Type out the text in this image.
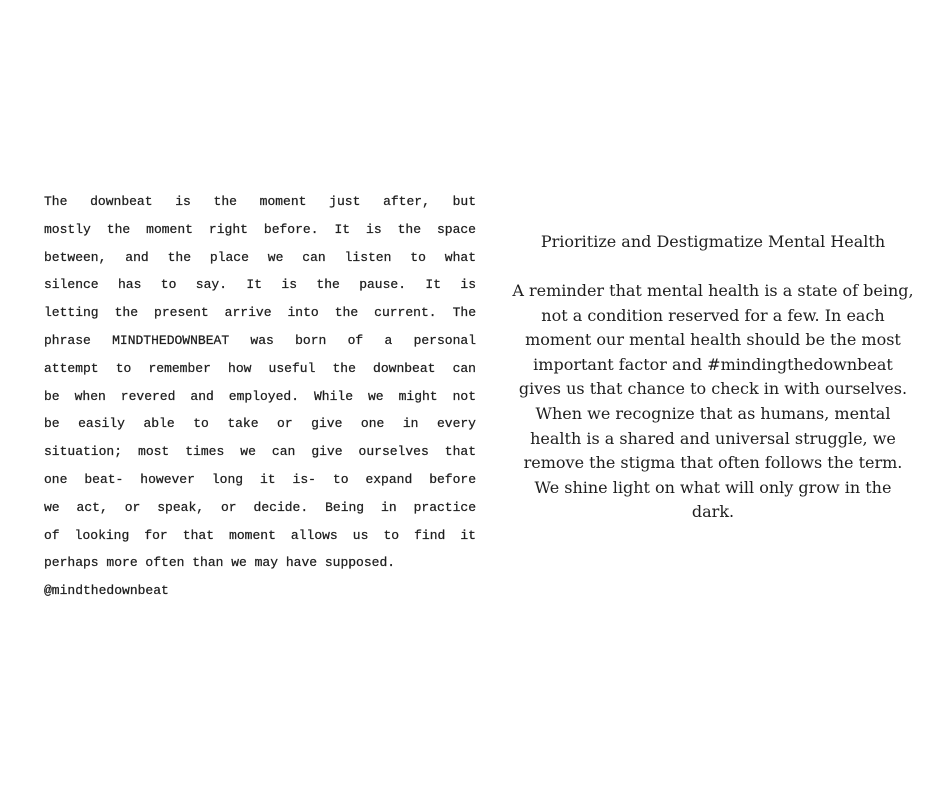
The downbeat is the moment just after, but
mostly the moment right before. It is the space
between, and the place we can listen to what
silence has to say. It is the pause. It is
letting the present arrive into the current. The
phrase MINDTHEDOWNBEAT was born of a personal
attempt to remember how useful the downbeat can
be when revered and employed. While we might not
be easily able to take or give one in every
situation; most times we can give ourselves that
one beat- however long it is- to expand before
we act, or speak, or decide. Being in practice
of looking for that moment allows us to find it
perhaps more often than we may have supposed.
@mindthedownbeat

Prioritize and Destigmatize Mental Health

A reminder that mental health is a state of being,
not a condition reserved for a few. In each
moment our mental health should be the most
important factor and #mindingthedownbeat
gives us that chance to check in with ourselves.
When we recognize that as humans, mental
health is a shared and universal struggle, we
remove the stigma that often follows the term.
We shine light on what will only grow in the
dark.
